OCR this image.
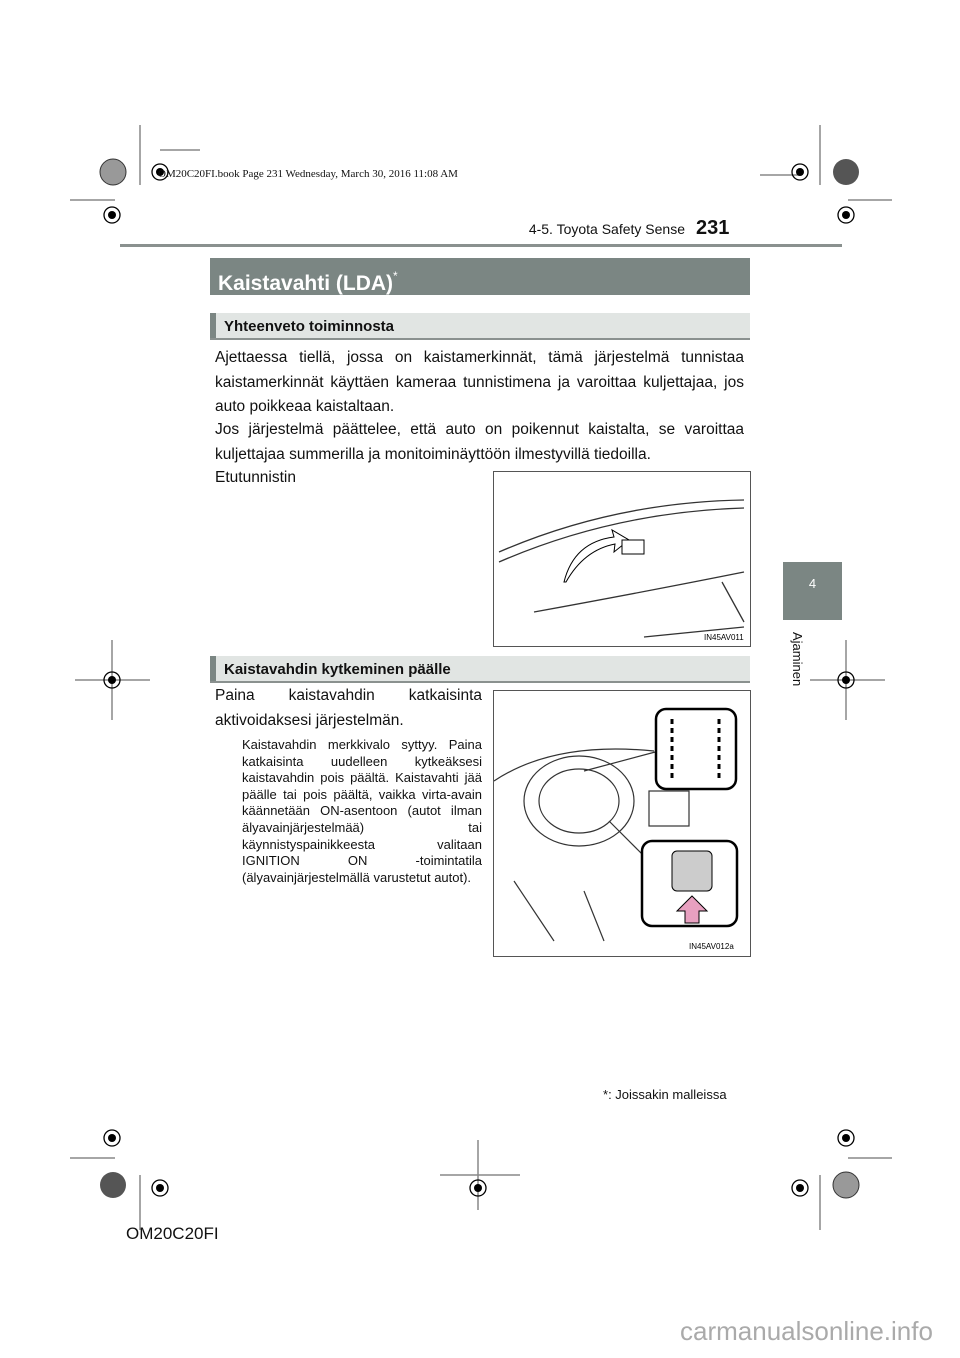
OM20C20FI.book Page 231 Wednesday, March 30, 2016 11:08 AM
4-5. Toyota Safety Sense 231
Kaistavahti (LDA)*
Yhteenveto toiminnosta
Ajettaessa tiellä, jossa on kaistamerkinnät, tämä järjestelmä tunnistaa kaistamerkinnät käyttäen kameraa tunnistimena ja varoittaa kuljettajaa, jos auto poikkeaa kaistaltaan.
Jos järjestelmä päättelee, että auto on poikennut kaistalta, se varoittaa kuljettajaa summerilla ja monitoiminäyttöön ilmestyvillä tiedoilla.
Etutunnistin
IN45AV011
Kaistavahdin kytkeminen päälle
Paina kaistavahdin katkaisinta aktivoidaksesi järjestelmän.
Kaistavahdin merkkivalo syttyy. Paina katkaisinta uudelleen kytkeäksesi kaistavahdin pois päältä. Kaistavahti jää päälle tai pois päältä, vaikka virta-avain käännetään ON-asentoon (autot ilman älyavainjärjestelmää) tai käynnistyspainikkeesta valitaan IGNITION ON -toimintatila (älyavainjärjestelmällä varustetut autot).
IN45AV012a
*: Joissakin malleissa
4
Ajaminen
OM20C20FI
carmanualsonline.info
